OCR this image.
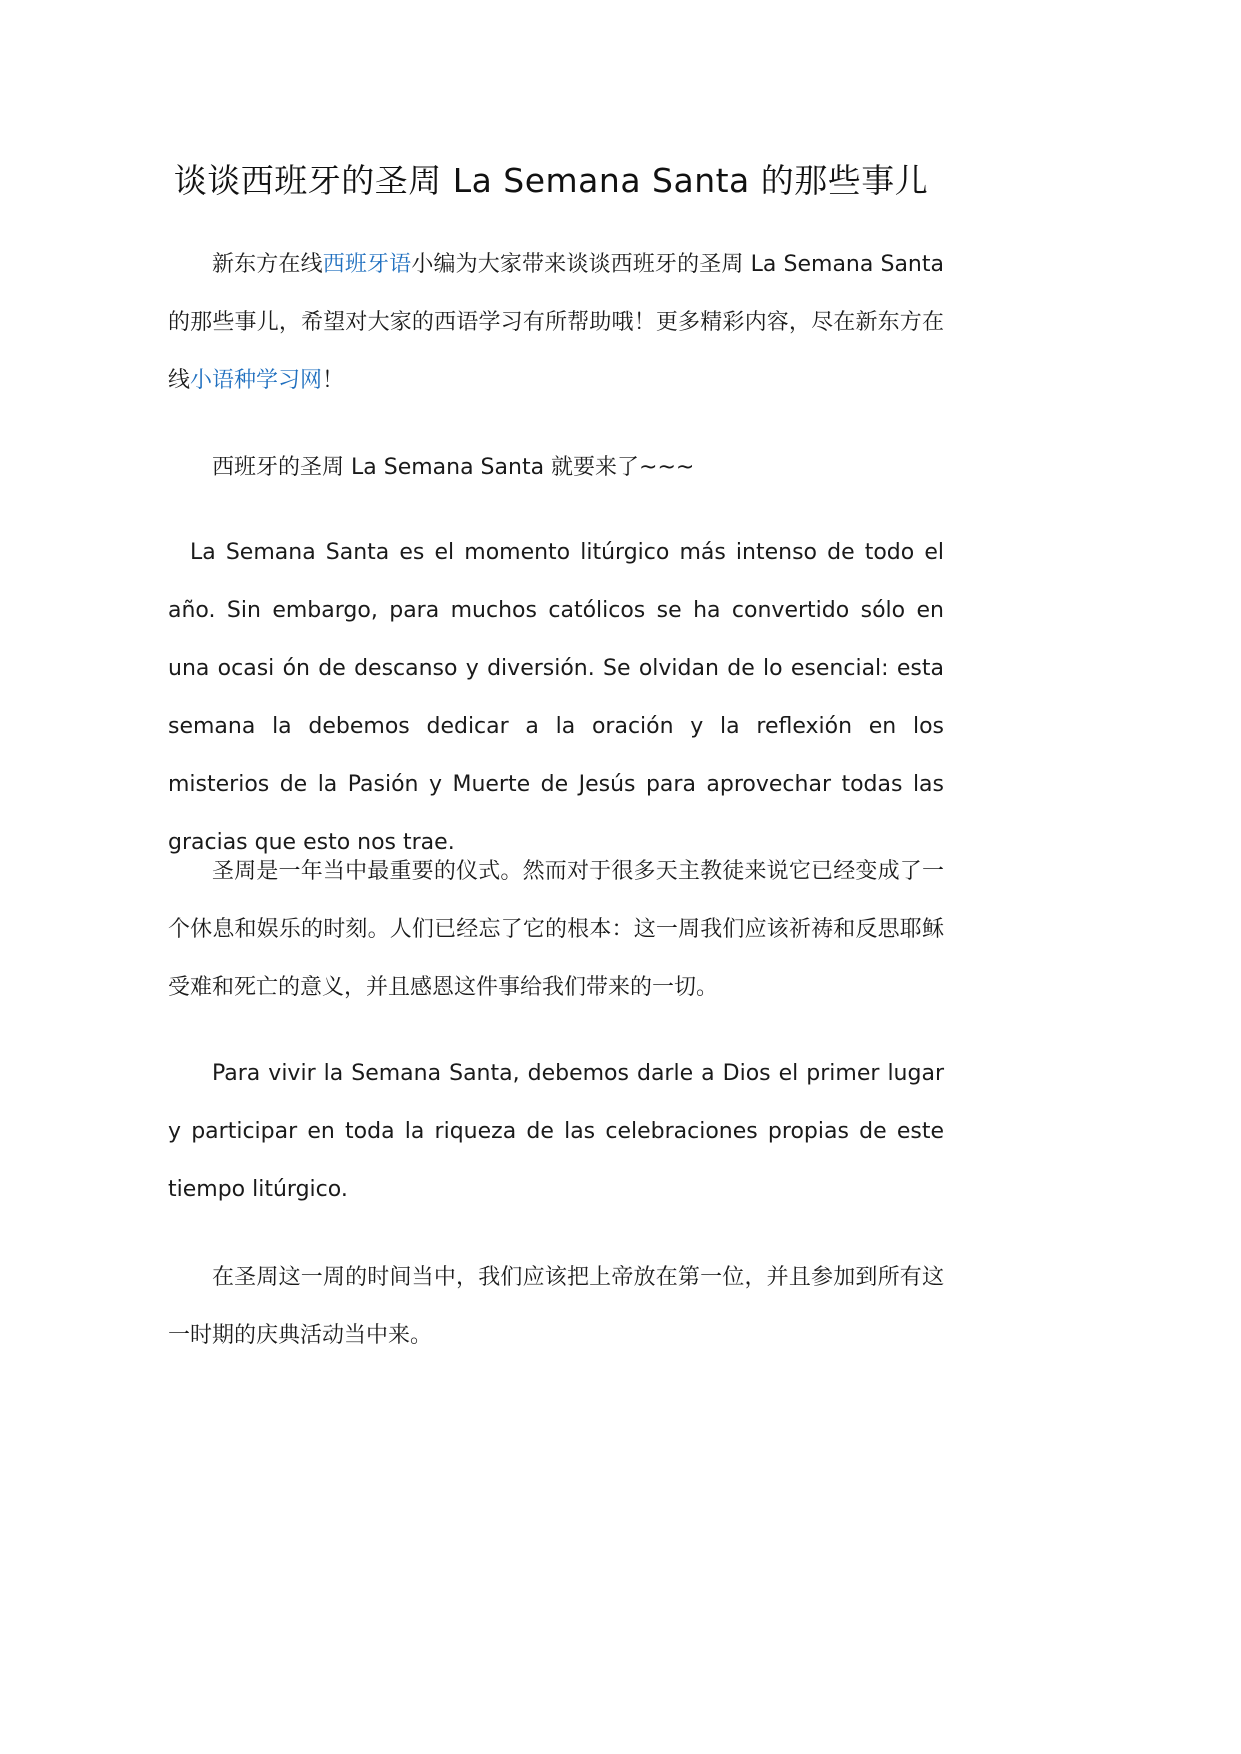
谈谈西班牙的圣周 La Semana Santa 的那些事儿

新东方在线西班牙语小编为大家带来谈谈西班牙的圣周 La Semana Santa 的那些事儿，希望对大家的西语学习有所帮助哦！更多精彩内容，尽在新东方在线小语种学习网！

西班牙的圣周 La Semana Santa 就要来了~~~

La Semana Santa es el momento litúrgico más intenso de todo el año. Sin embargo, para muchos católicos se ha convertido sólo en una ocasi ón de descanso y diversión. Se olvidan de lo esencial: esta semana la debemos dedicar a la oración y la reflexión en los misterios de la Pasión y Muerte de Jesús para aprovechar todas las gracias que esto nos trae.

圣周是一年当中最重要的仪式。然而对于很多天主教徒来说它已经变成了一个休息和娱乐的时刻。人们已经忘了它的根本：这一周我们应该祈祷和反思耶稣受难和死亡的意义，并且感恩这件事给我们带来的一切。

Para vivir la Semana Santa, debemos darle a Dios el primer lugar y participar en toda la riqueza de las celebraciones propias de este tiempo litúrgico.

在圣周这一周的时间当中，我们应该把上帝放在第一位，并且参加到所有这一时期的庆典活动当中来。
